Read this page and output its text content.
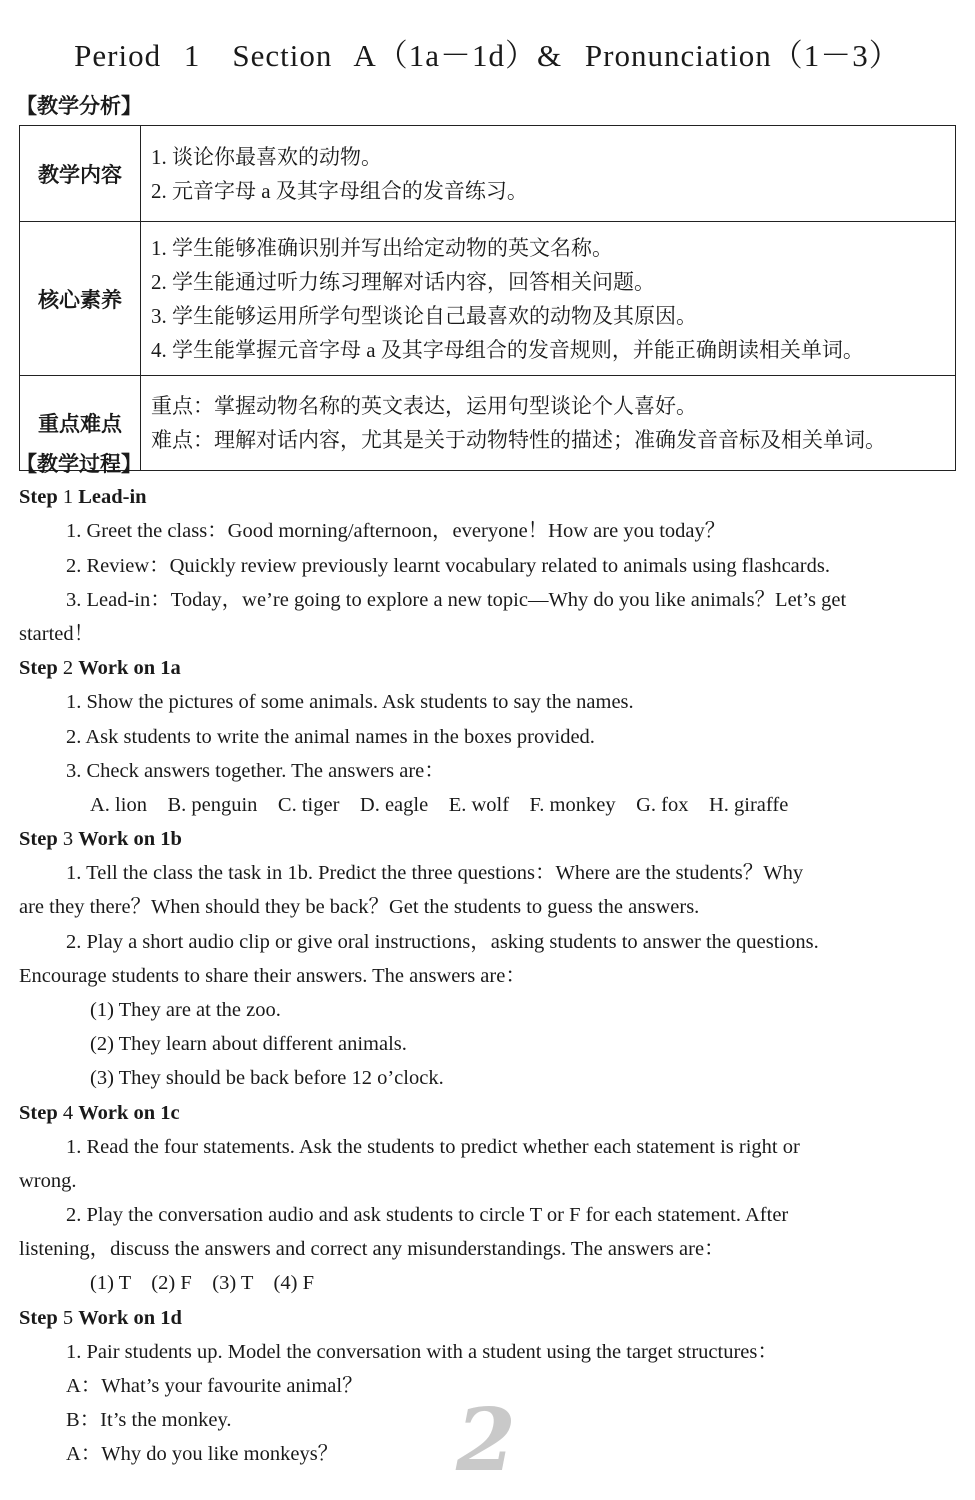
Period 1　Section A（1a－1d）& Pronunciation（1－3）
【教学分析】
教学内容	1. 谈论你最喜欢的动物。
2. 元音字母 a 及其字母组合的发音练习。

核心素养	1. 学生能够准确识别并写出给定动物的英文名称。
2. 学生能通过听力练习理解对话内容，回答相关问题。
3. 学生能够运用所学句型谈论自己最喜欢的动物及其原因。
4. 学生能掌握元音字母 a 及其字母组合的发音规则，并能正确朗读相关单词。

重点难点	重点：掌握动物名称的英文表达，运用句型谈论个人喜好。
难点：理解对话内容，尤其是关于动物特性的描述；准确发音音标及相关单词。
【教学过程】
Step 1 Lead-in
1. Greet the class：Good morning/afternoon，everyone！How are you today？
2. Review：Quickly review previously learnt vocabulary related to animals using flashcards.
3. Lead-in：Today，we’re going to explore a new topic—Why do you like animals？Let’s get
started！
Step 2 Work on 1a
1. Show the pictures of some animals. Ask students to say the names.
2. Ask students to write the animal names in the boxes provided.
3. Check answers together. The answers are：
A. lion　B. penguin　C. tiger　D. eagle　E. wolf　F. monkey　G. fox　H. giraffe
Step 3 Work on 1b
1. Tell the class the task in 1b. Predict the three questions：Where are the students？Why
are they there？When should they be back？Get the students to guess the answers.
2. Play a short audio clip or give oral instructions，asking students to answer the questions.
Encourage students to share their answers. The answers are：
(1) They are at the zoo.
(2) They learn about different animals.
(3) They should be back before 12 o’clock.
Step 4 Work on 1c
1. Read the four statements. Ask the students to predict whether each statement is right or
wrong.
2. Play the conversation audio and ask students to circle T or F for each statement. After
listening，discuss the answers and correct any misunderstandings. The answers are：
(1) T　(2) F　(3) T　(4) F
Step 5 Work on 1d
1. Pair students up. Model the conversation with a student using the target structures：
A：What’s your favourite animal？
B：It’s the monkey.
A：Why do you like monkeys？	2
